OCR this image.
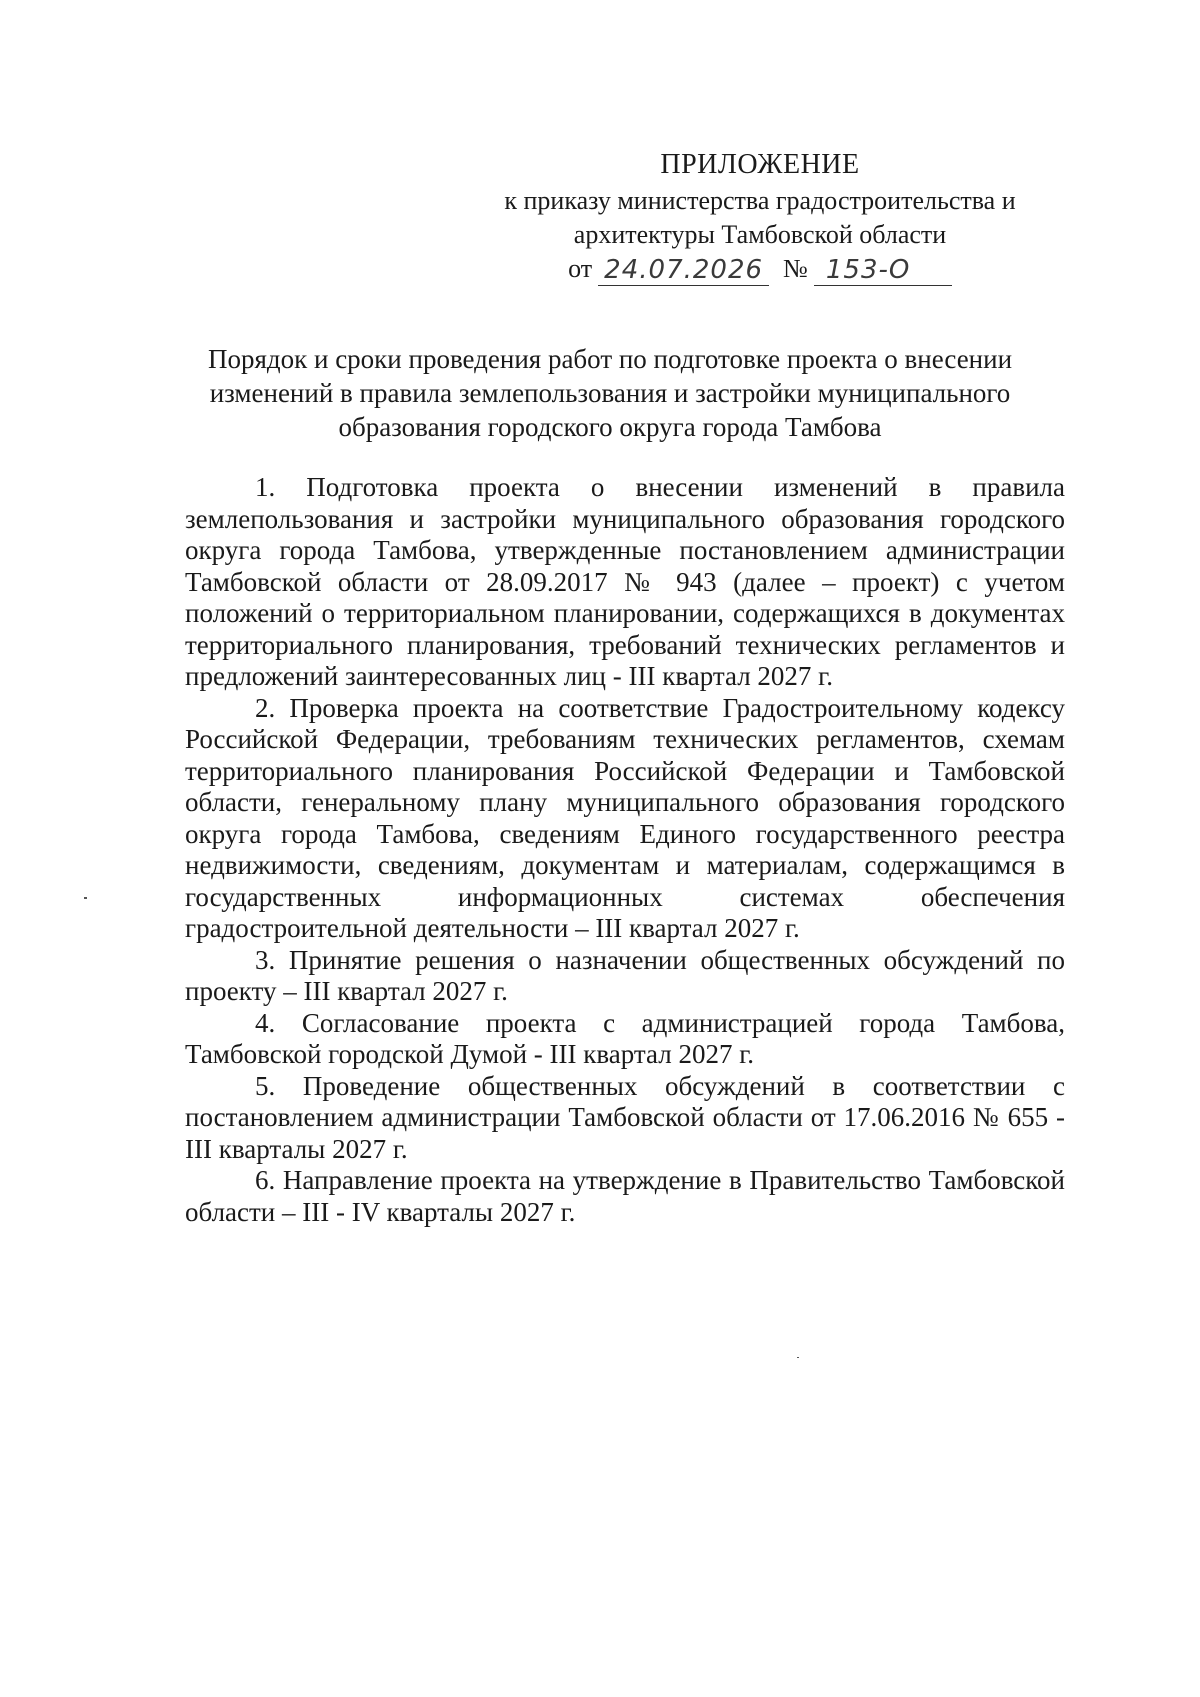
ПРИЛОЖЕНИЕ
к приказу министерства градостроительства и
архитектуры Тамбовской области
от 24.07.2026 № 153-О
Порядок и сроки проведения работ по подготовке проекта о внесении
изменений в правила землепользования и застройки муниципального
образования городского округа города Тамбова

1. Подготовка проекта о внесении изменений в правила землепользования и застройки муниципального образования городского округа города Тамбова, утвержденные постановлением администрации Тамбовской области от 28.09.2017 № 943 (далее – проект) с учетом положений о территориальном планировании, содержащихся в документах территориального планирования, требований технических регламентов и предложений заинтересованных лиц - III квартал 2027 г.

2. Проверка проекта на соответствие Градостроительному кодексу Российской Федерации, требованиям технических регламентов, схемам территориального планирования Российской Федерации и Тамбовской области, генеральному плану муниципального образования городского округа города Тамбова, сведениям Единого государственного реестра недвижимости, сведениям, документам и материалам, содержащимся в государственных информационных системах обеспечения градостроительной деятельности – III квартал 2027 г.

3. Принятие решения о назначении общественных обсуждений по проекту – III квартал 2027 г.

4. Согласование проекта с администрацией города Тамбова, Тамбовской городской Думой - III квартал 2027 г.

5. Проведение общественных обсуждений в соответствии с постановлением администрации Тамбовской области от 17.06.2016 № 655 - III кварталы 2027 г.

6. Направление проекта на утверждение в Правительство Тамбовской области – III - IV кварталы 2027 г.
